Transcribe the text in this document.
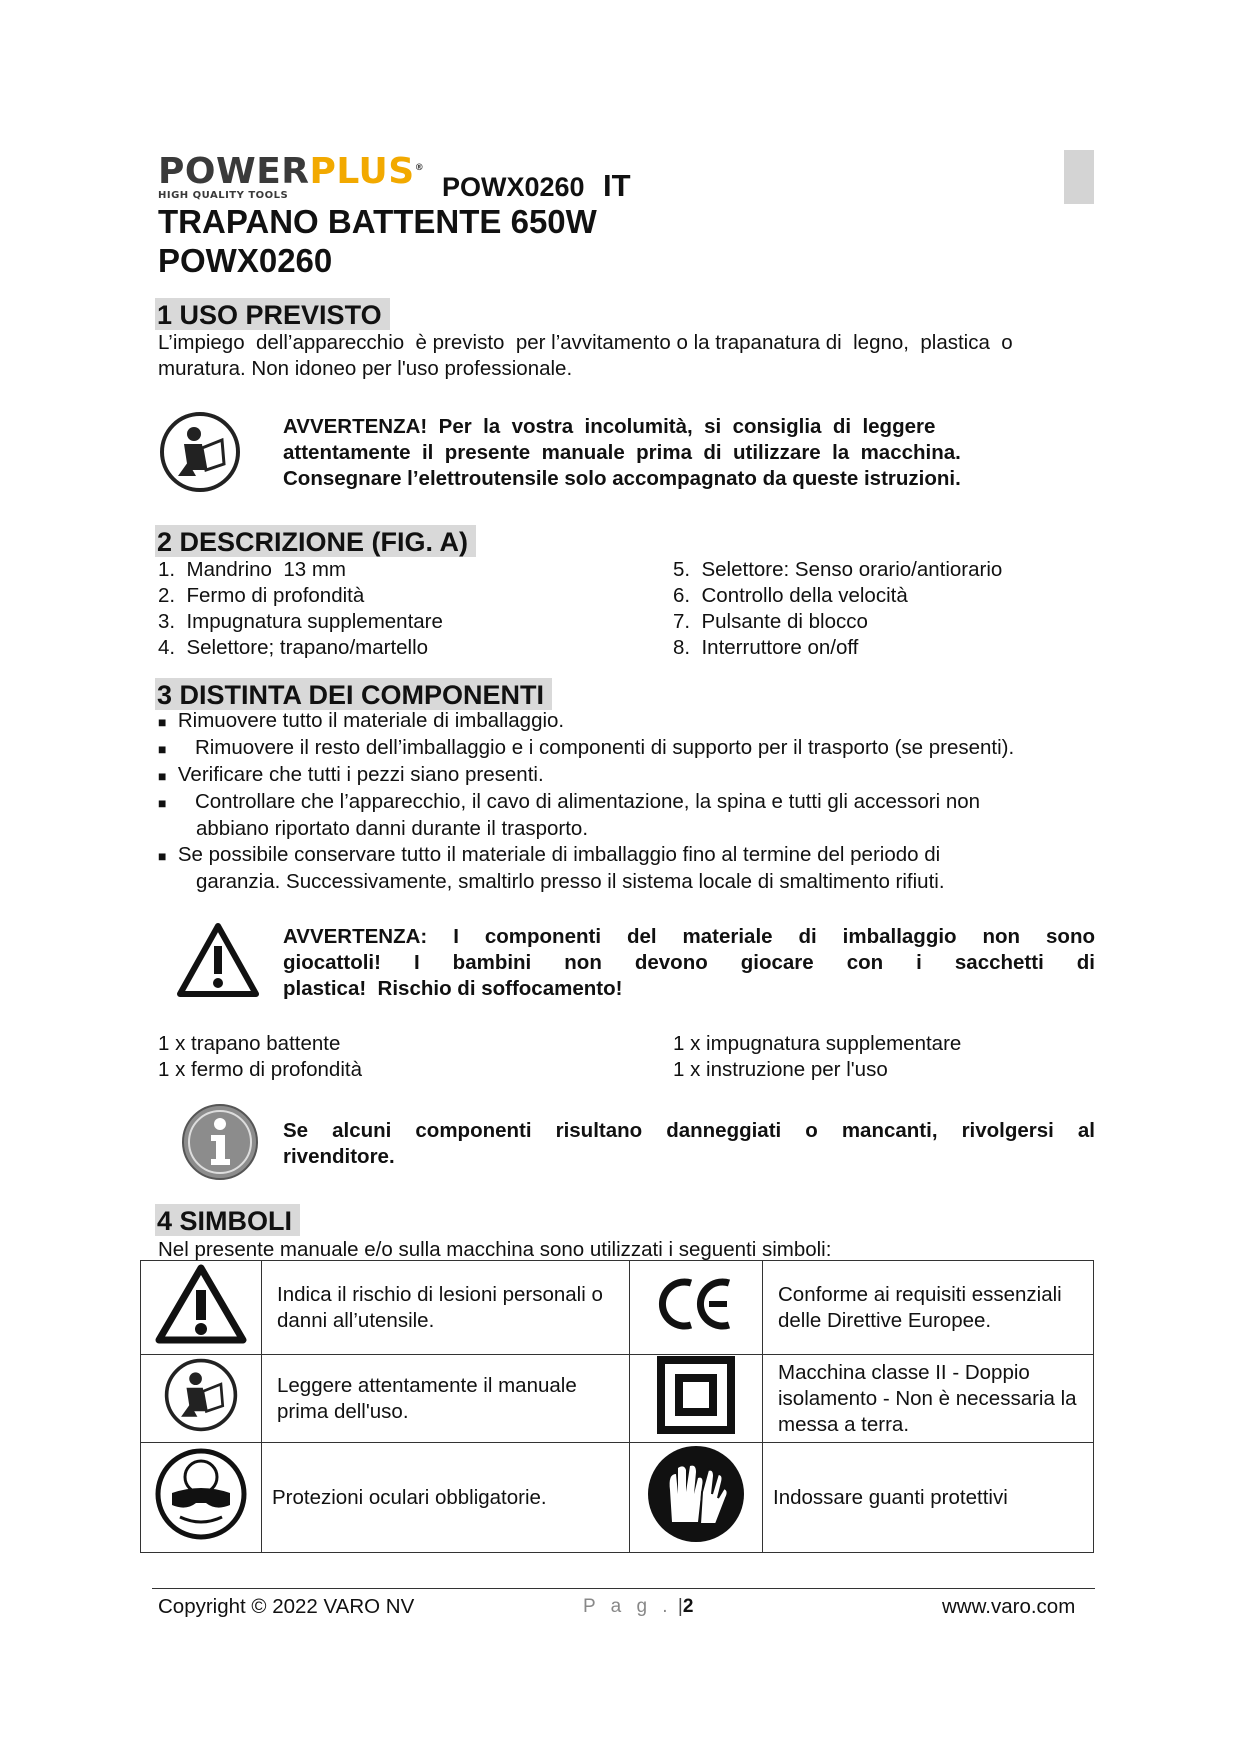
POWERPLUS®
HIGH QUALITY TOOLS	POWX0260 IT
TRAPANO BATTENTE 650W
POWX0260
1 USO PREVISTO
L’impiego  dell’apparecchio  è previsto  per l’avvitamento o la trapanatura di  legno,  plastica  o
muratura. Non idoneo per l'uso professionale.
AVVERTENZA!  Per  la  vostra  incolumità,  si  consiglia  di  leggere
attentamente  il  presente  manuale  prima  di  utilizzare  la  macchina.
Consegnare l’elettroutensile solo accompagnato da queste istruzioni.
2 DESCRIZIONE (FIG. A)
1.  Mandrino  13 mm
2.  Fermo di profondità
3.  Impugnatura supplementare
4.  Selettore; trapano/martello
5.  Selettore: Senso orario/antiorario
6.  Controllo della velocità
7.  Pulsante di blocco
8.  Interruttore on/off
3 DISTINTA DEI COMPONENTI
■ Rimuovere tutto il materiale di imballaggio.
■ Rimuovere il resto dell’imballaggio e i componenti di supporto per il trasporto (se presenti).
■ Verificare che tutti i pezzi siano presenti.
■ Controllare che l’apparecchio, il cavo di alimentazione, la spina e tutti gli accessori non
abbiano riportato danni durante il trasporto.
■ Se possibile conservare tutto il materiale di imballaggio fino al termine del periodo di
garanzia. Successivamente, smaltirlo presso il sistema locale di smaltimento rifiuti.
AVVERTENZA: I componenti del materiale di imballaggio non sono
giocattoli! I bambini non devono giocare con i sacchetti di
plastica!  Rischio di soffocamento!
1 x trapano battente
1 x fermo di profondità
1 x impugnatura supplementare
1 x instruzione per l'uso
Se alcuni componenti risultano danneggiati o mancanti, rivolgersi al
rivenditore.
4 SIMBOLI
Nel presente manuale e/o sulla macchina sono utilizzati i seguenti simboli:
	Indica il rischio di lesioni personali o danni all’utensile.		Conforme ai requisiti essenziali delle Direttive Europee.
	Leggere attentamente il manuale prima dell'uso.		Macchina classe II - Doppio isolamento - Non è necessaria la messa a terra.
	Protezioni oculari obbligatorie.		Indossare guanti protettivi
Copyright © 2022 VARO NV	P a g . |2	www.varo.com
